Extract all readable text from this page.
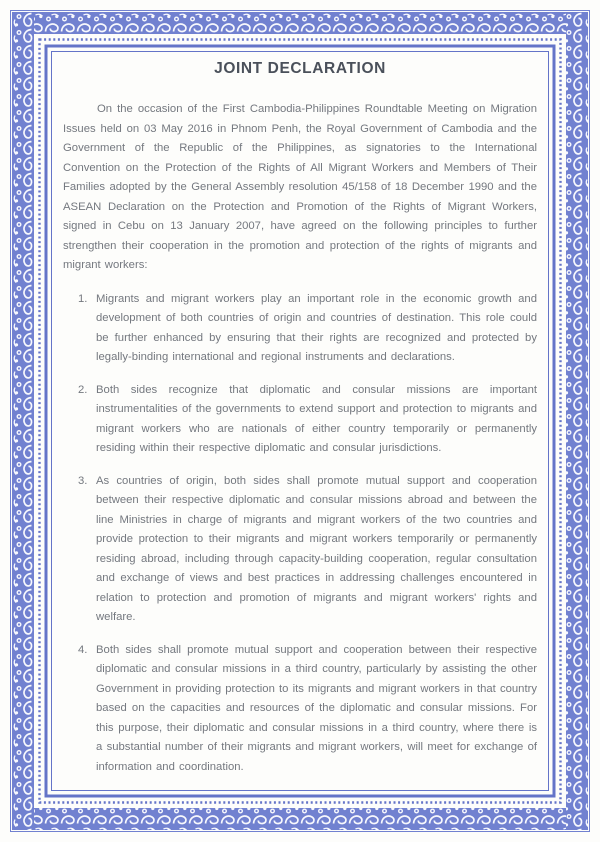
JOINT DECLARATION

On the occasion of the First Cambodia-Philippines Roundtable Meeting on Migration Issues held on 03 May 2016 in Phnom Penh, the Royal Government of Cambodia and the Government of the Republic of the Philippines, as signatories to the International Convention on the Protection of the Rights of All Migrant Workers and Members of Their Families adopted by the General Assembly resolution 45/158 of 18 December 1990 and the ASEAN Declaration on the Protection and Promotion of the Rights of Migrant Workers, signed in Cebu on 13 January 2007, have agreed on the following principles to further strengthen their cooperation in the promotion and protection of the rights of migrants and migrant workers:

1. Migrants and migrant workers play an important role in the economic growth and development of both countries of origin and countries of destination. This role could be further enhanced by ensuring that their rights are recognized and protected by legally-binding international and regional instruments and declarations.
2. Both sides recognize that diplomatic and consular missions are important instrumentalities of the governments to extend support and protection to migrants and migrant workers who are nationals of either country temporarily or permanently residing within their respective diplomatic and consular jurisdictions.
3. As countries of origin, both sides shall promote mutual support and cooperation between their respective diplomatic and consular missions abroad and between the line Ministries in charge of migrants and migrant workers of the two countries and provide protection to their migrants and migrant workers temporarily or permanently residing abroad, including through capacity-building cooperation, regular consultation and exchange of views and best practices in addressing challenges encountered in relation to protection and promotion of migrants and migrant workers' rights and welfare.
4. Both sides shall promote mutual support and cooperation between their respective diplomatic and consular missions in a third country, particularly by assisting the other Government in providing protection to its migrants and migrant workers in that country based on the capacities and resources of the diplomatic and consular missions. For this purpose, their diplomatic and consular missions in a third country, where there is a substantial number of their migrants and migrant workers, will meet for exchange of information and coordination.
